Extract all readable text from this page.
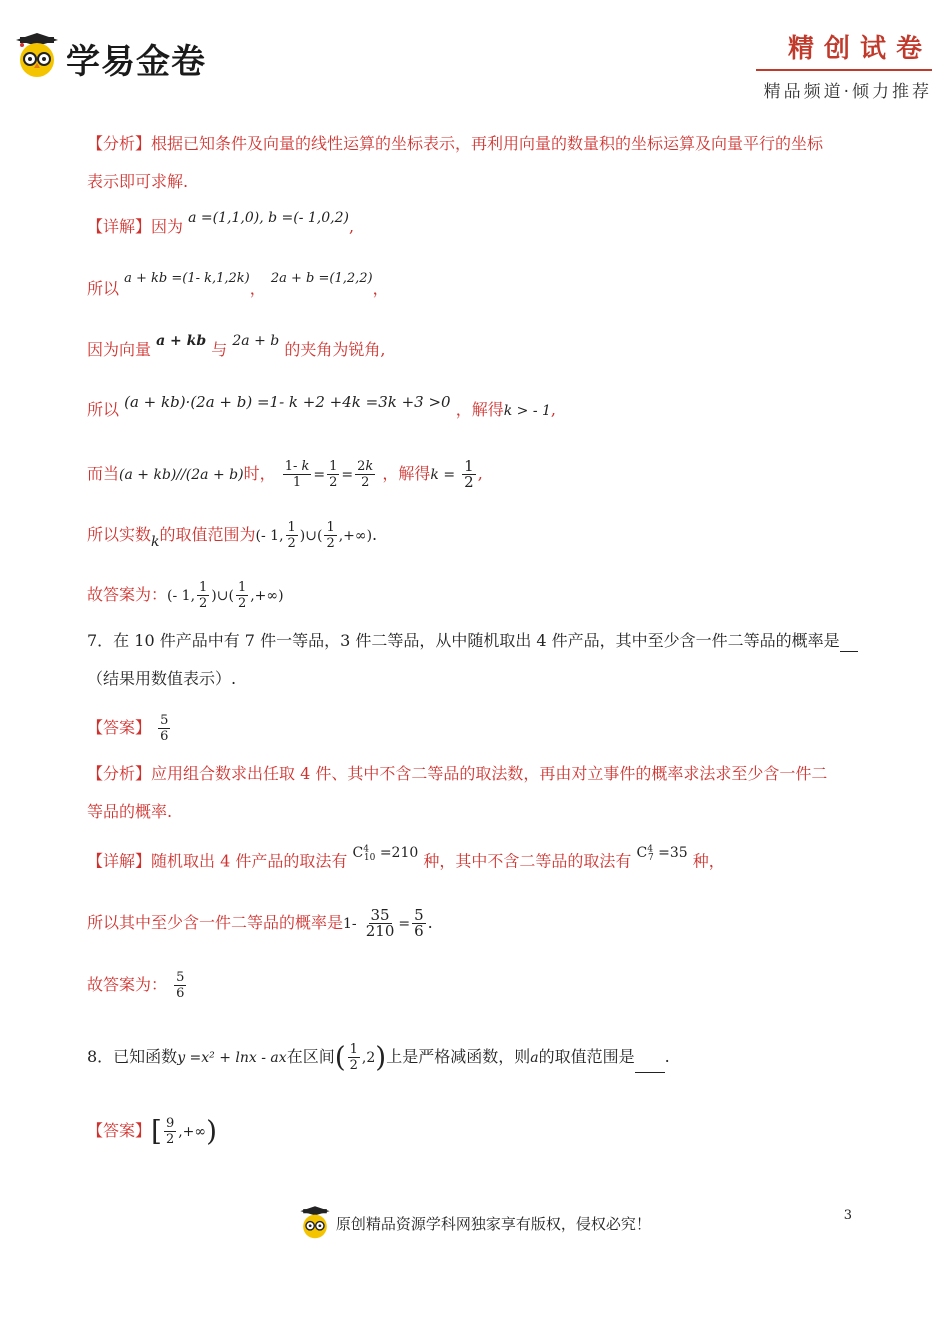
学易金卷	精创试卷
精品频道·倾力推荐
【分析】根据已知条件及向量的线性运算的坐标表示，再利用向量的数量积的坐标运算及向量平行的坐标
表示即可求解.
【详解】因为 a =(1,1,0), b =(- 1,0,2),
所以 $^{a + kb =(1- k,1,2k)}$， $^{2a + b =(1,2,2)}$，
因为向量 a + kb 与 2a + b 的夹角为锐角,
所以 (a + kb)·(2a + b) =1- k +2 +4k =3k +3 >0 ，解得k > - 1,
而当(a + kb)//(2a + b)时， $\frac{1- k}{1} = \frac{1}{2} = \frac{2k}{2}$ ，解得$k = \frac{1}{2}$ ,
所以实数k的取值范围为(- 1, $\frac{1}{2}$ )∪( $\frac{1}{2}$ ,+∞).
故答案为：(- 1, $\frac{1}{2}$ )∪( $\frac{1}{2}$ ,+∞)
7．在 10 件产品中有 7 件一等品，3 件二等品，从中随机取出 4 件产品，其中至少含一件二等品的概率是
（结果用数值表示）.
【答案】 $\frac{5}{6}$
【分析】应用组合数求出任取 4 件、其中不含二等品的取法数，再由对立事件的概率求法求至少含一件二
等品的概率.
【详解】随机取出 4 件产品的取法有 $C^4_{10} =210$ 种，其中不含二等品的取法有 $C^4_7 =35$ 种，
所以其中至少含一件二等品的概率是$1- \frac{35}{210} = \frac{5}{6}$ .
故答案为： $\frac{5}{6}$
8．已知函数y =x² + lnx - ax在区间( $\frac{1}{2} ,2$)上是严格减函数，则a的取值范围是 .
【答案】[ $\frac{9}{2}$ ,+∞)
原创精品资源学科网独家享有版权，侵权必究！	3
